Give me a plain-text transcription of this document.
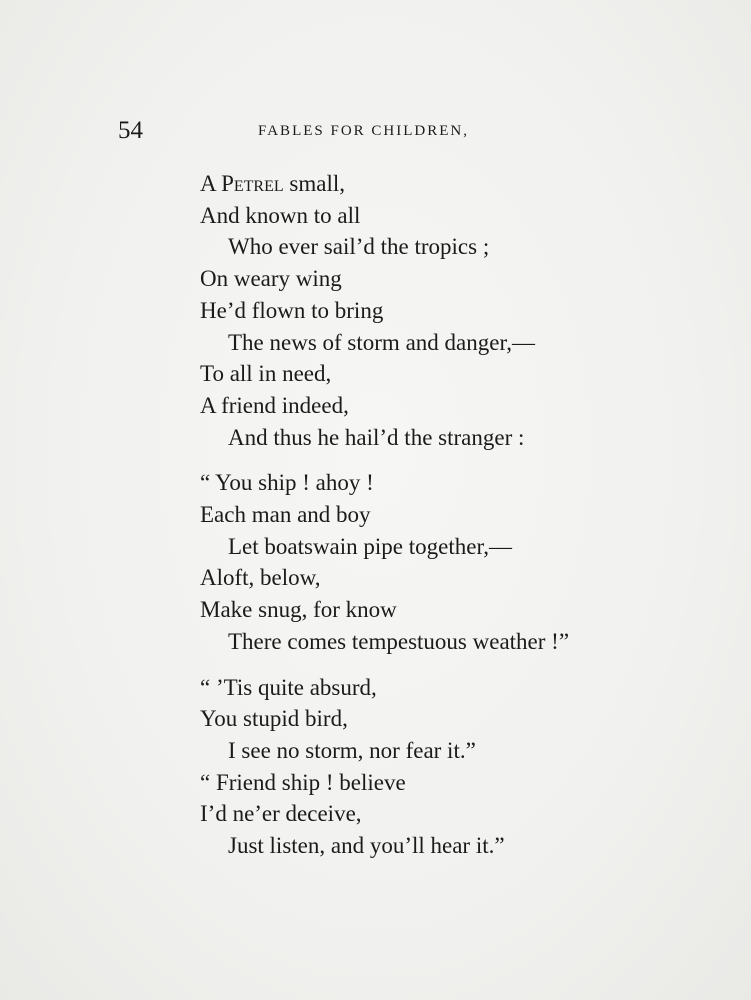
54	FABLES FOR CHILDREN,
A Petrel small,
And known to all
Who ever sail’d the tropics ;
On weary wing
He’d flown to bring
The news of storm and danger,—
To all in need,
A friend indeed,
And thus he hail’d the stranger :
“ You ship ! ahoy !
Each man and boy
Let boatswain pipe together,—
Aloft, below,
Make snug, for know
There comes tempestuous weather !”
“ ’Tis quite absurd,
You stupid bird,
I see no storm, nor fear it.”
“ Friend ship ! believe
I’d ne’er deceive,
Just listen, and you’ll hear it.”
